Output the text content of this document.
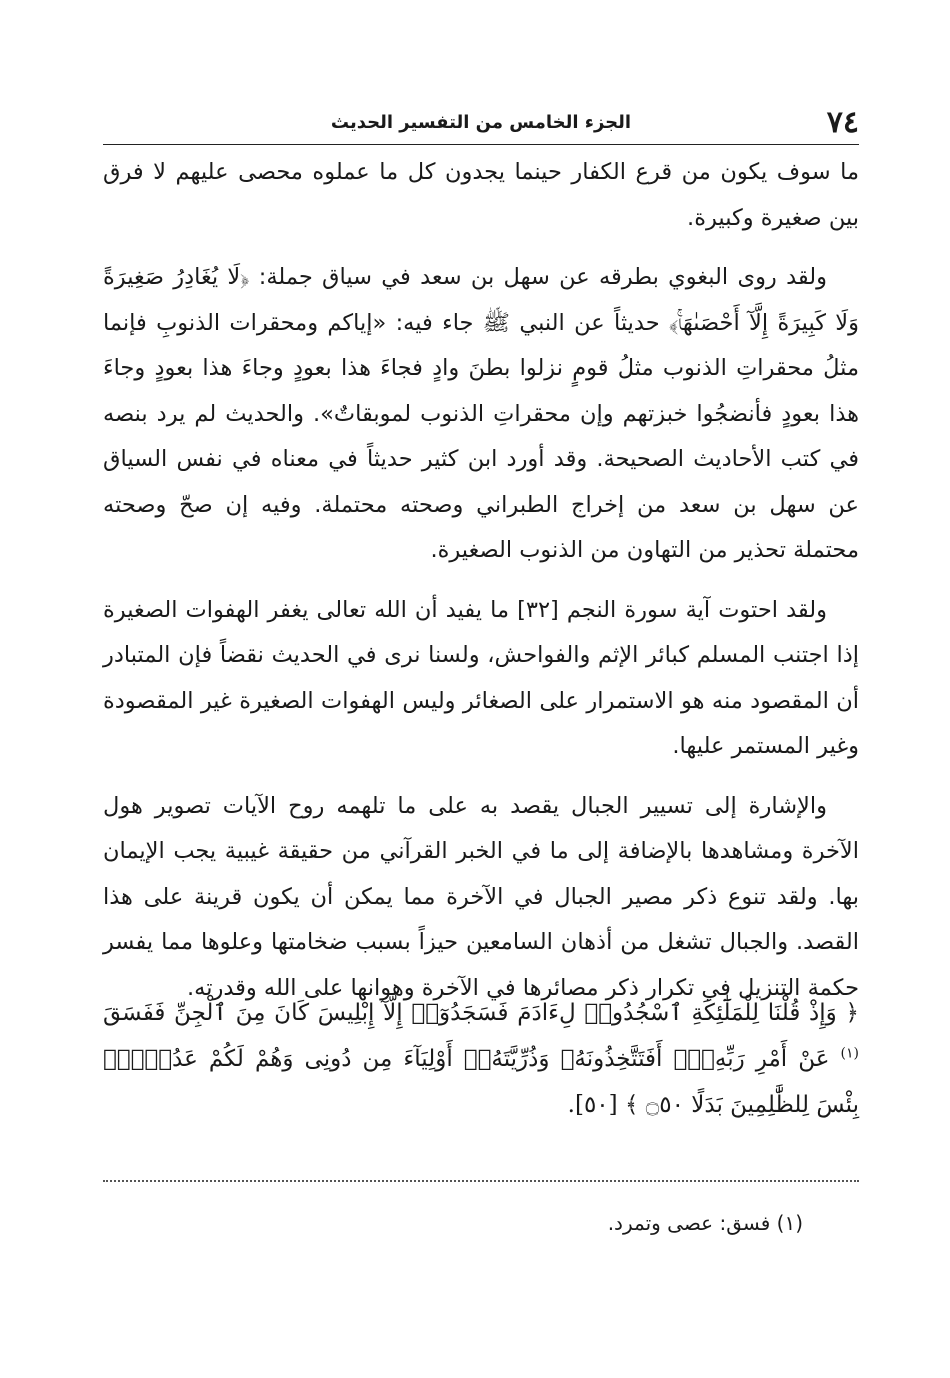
٧٤
الجزء الخامس من التفسير الحديث

ما سوف يكون من قرع الكفار حينما يجدون كل ما عملوه محصى عليهم لا فرق بين صغيرة وكبيرة.

ولقد روى البغوي بطرقه عن سهل بن سعد في سياق جملة: ﴿لَا يُغَادِرُ صَغِيرَةً وَلَا كَبِيرَةً إِلَّآ أَحْصَىٰهَاۚ﴾ حديثاً عن النبي ﷺ جاء فيه: «إياكم ومحقرات الذنوبِ فإنما مثلُ محقراتِ الذنوب مثلُ قومٍ نزلوا بطنَ وادٍ فجاءَ هذا بعودٍ وجاءَ هذا بعودٍ وجاءَ هذا بعودٍ فأنضجُوا خبزتهم وإن محقراتِ الذنوب لموبقاتٌ». والحديث لم يرد بنصه في كتب الأحاديث الصحيحة. وقد أورد ابن كثير حديثاً في معناه في نفس السياق عن سهل بن سعد من إخراج الطبراني وصحته محتملة. وفيه إن صحّ وصحته محتملة تحذير من التهاون من الذنوب الصغيرة.

ولقد احتوت آية سورة النجم [٣٢] ما يفيد أن الله تعالى يغفر الهفوات الصغيرة إذا اجتنب المسلم كبائر الإثم والفواحش، ولسنا نرى في الحديث نقضاً فإن المتبادر أن المقصود منه هو الاستمرار على الصغائر وليس الهفوات الصغيرة غير المقصودة وغير المستمر عليها.

والإشارة إلى تسيير الجبال يقصد به على ما تلهمه روح الآيات تصوير هول الآخرة ومشاهدها بالإضافة إلى ما في الخبر القرآني من حقيقة غيبية يجب الإيمان بها. ولقد تنوع ذكر مصير الجبال في الآخرة مما يمكن أن يكون قرينة على هذا القصد. والجبال تشغل من أذهان السامعين حيزاً بسبب ضخامتها وعلوها مما يفسر حكمة التنزيل في تكرار ذكر مصائرها في الآخرة وهوانها على الله وقدرته.

﴿ وَإِذْ قُلْنَا لِلْمَلَٰٓئِكَةِ ٱسْجُدُوا۟ لِءَادَمَ فَسَجَدُوٓا۟ إِلَّآ إِبْلِيسَ كَانَ مِنَ ٱلْجِنِّ فَفَسَقَ $^{(١)}$ عَنْ أَمْرِ رَبِّهِۦٓۗ أَفَتَتَّخِذُونَهُۥ وَذُرِّيَّتَهُۥٓ أَوْلِيَآءَ مِن دُونِى وَهُمْ لَكُمْ عَدُوٌّۢۚ بِئْسَ لِلظَّٰلِمِينَ بَدَلًا ۝٥٠ ﴾ [٥٠].
(١) فسق: عصى وتمرد.
